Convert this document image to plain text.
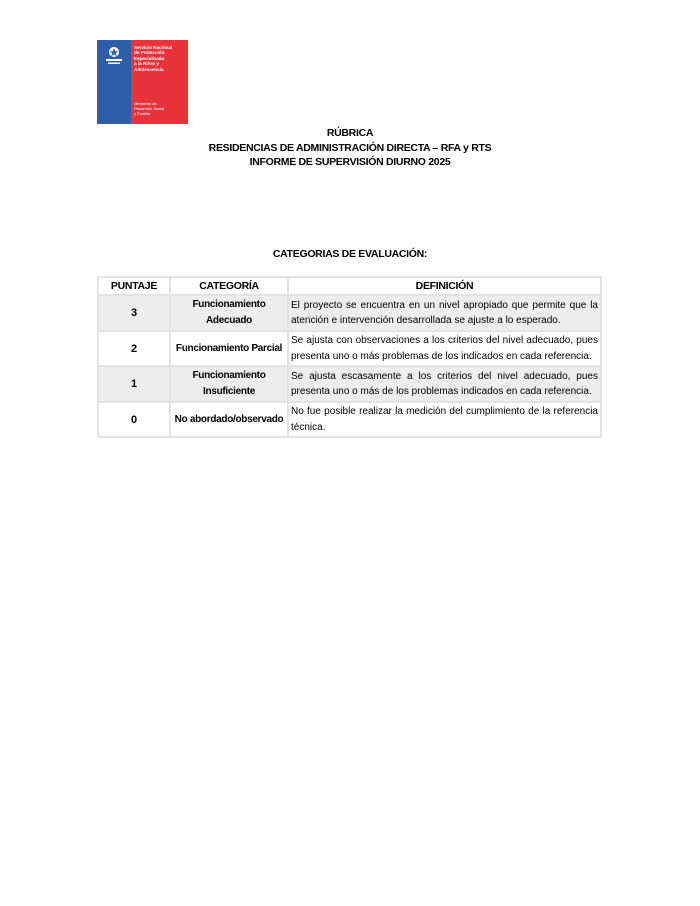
Servicio Nacional
de Protección
Especializada
a la Niñez y
Adolescencia
Ministerio de
Desarrollo Social
y Familia
RÚBRICA
RESIDENCIAS DE ADMINISTRACIÓN DIRECTA – RFA y RTS
INFORME DE SUPERVISIÓN DIURNO 2025
CATEGORIAS DE EVALUACIÓN:
PUNTAJE	CATEGORÍA	DEFINICIÓN
3	Funcionamiento Adecuado	El proyecto se encuentra en un nivel apropiado que permite que la atención e intervención desarrollada se ajuste a lo esperado.
2	Funcionamiento Parcial	Se ajusta con observaciones a los criterios del nivel adecuado, pues presenta uno o más problemas de los indicados en cada referencia.
1	Funcionamiento Insuficiente	Se ajusta escasamente a los criterios del nivel adecuado, pues presenta uno o más de los problemas indicados en cada referencia.
0	No abordado/observado	No fue posible realizar la medición del cumplimiento de la referencia técnica.
